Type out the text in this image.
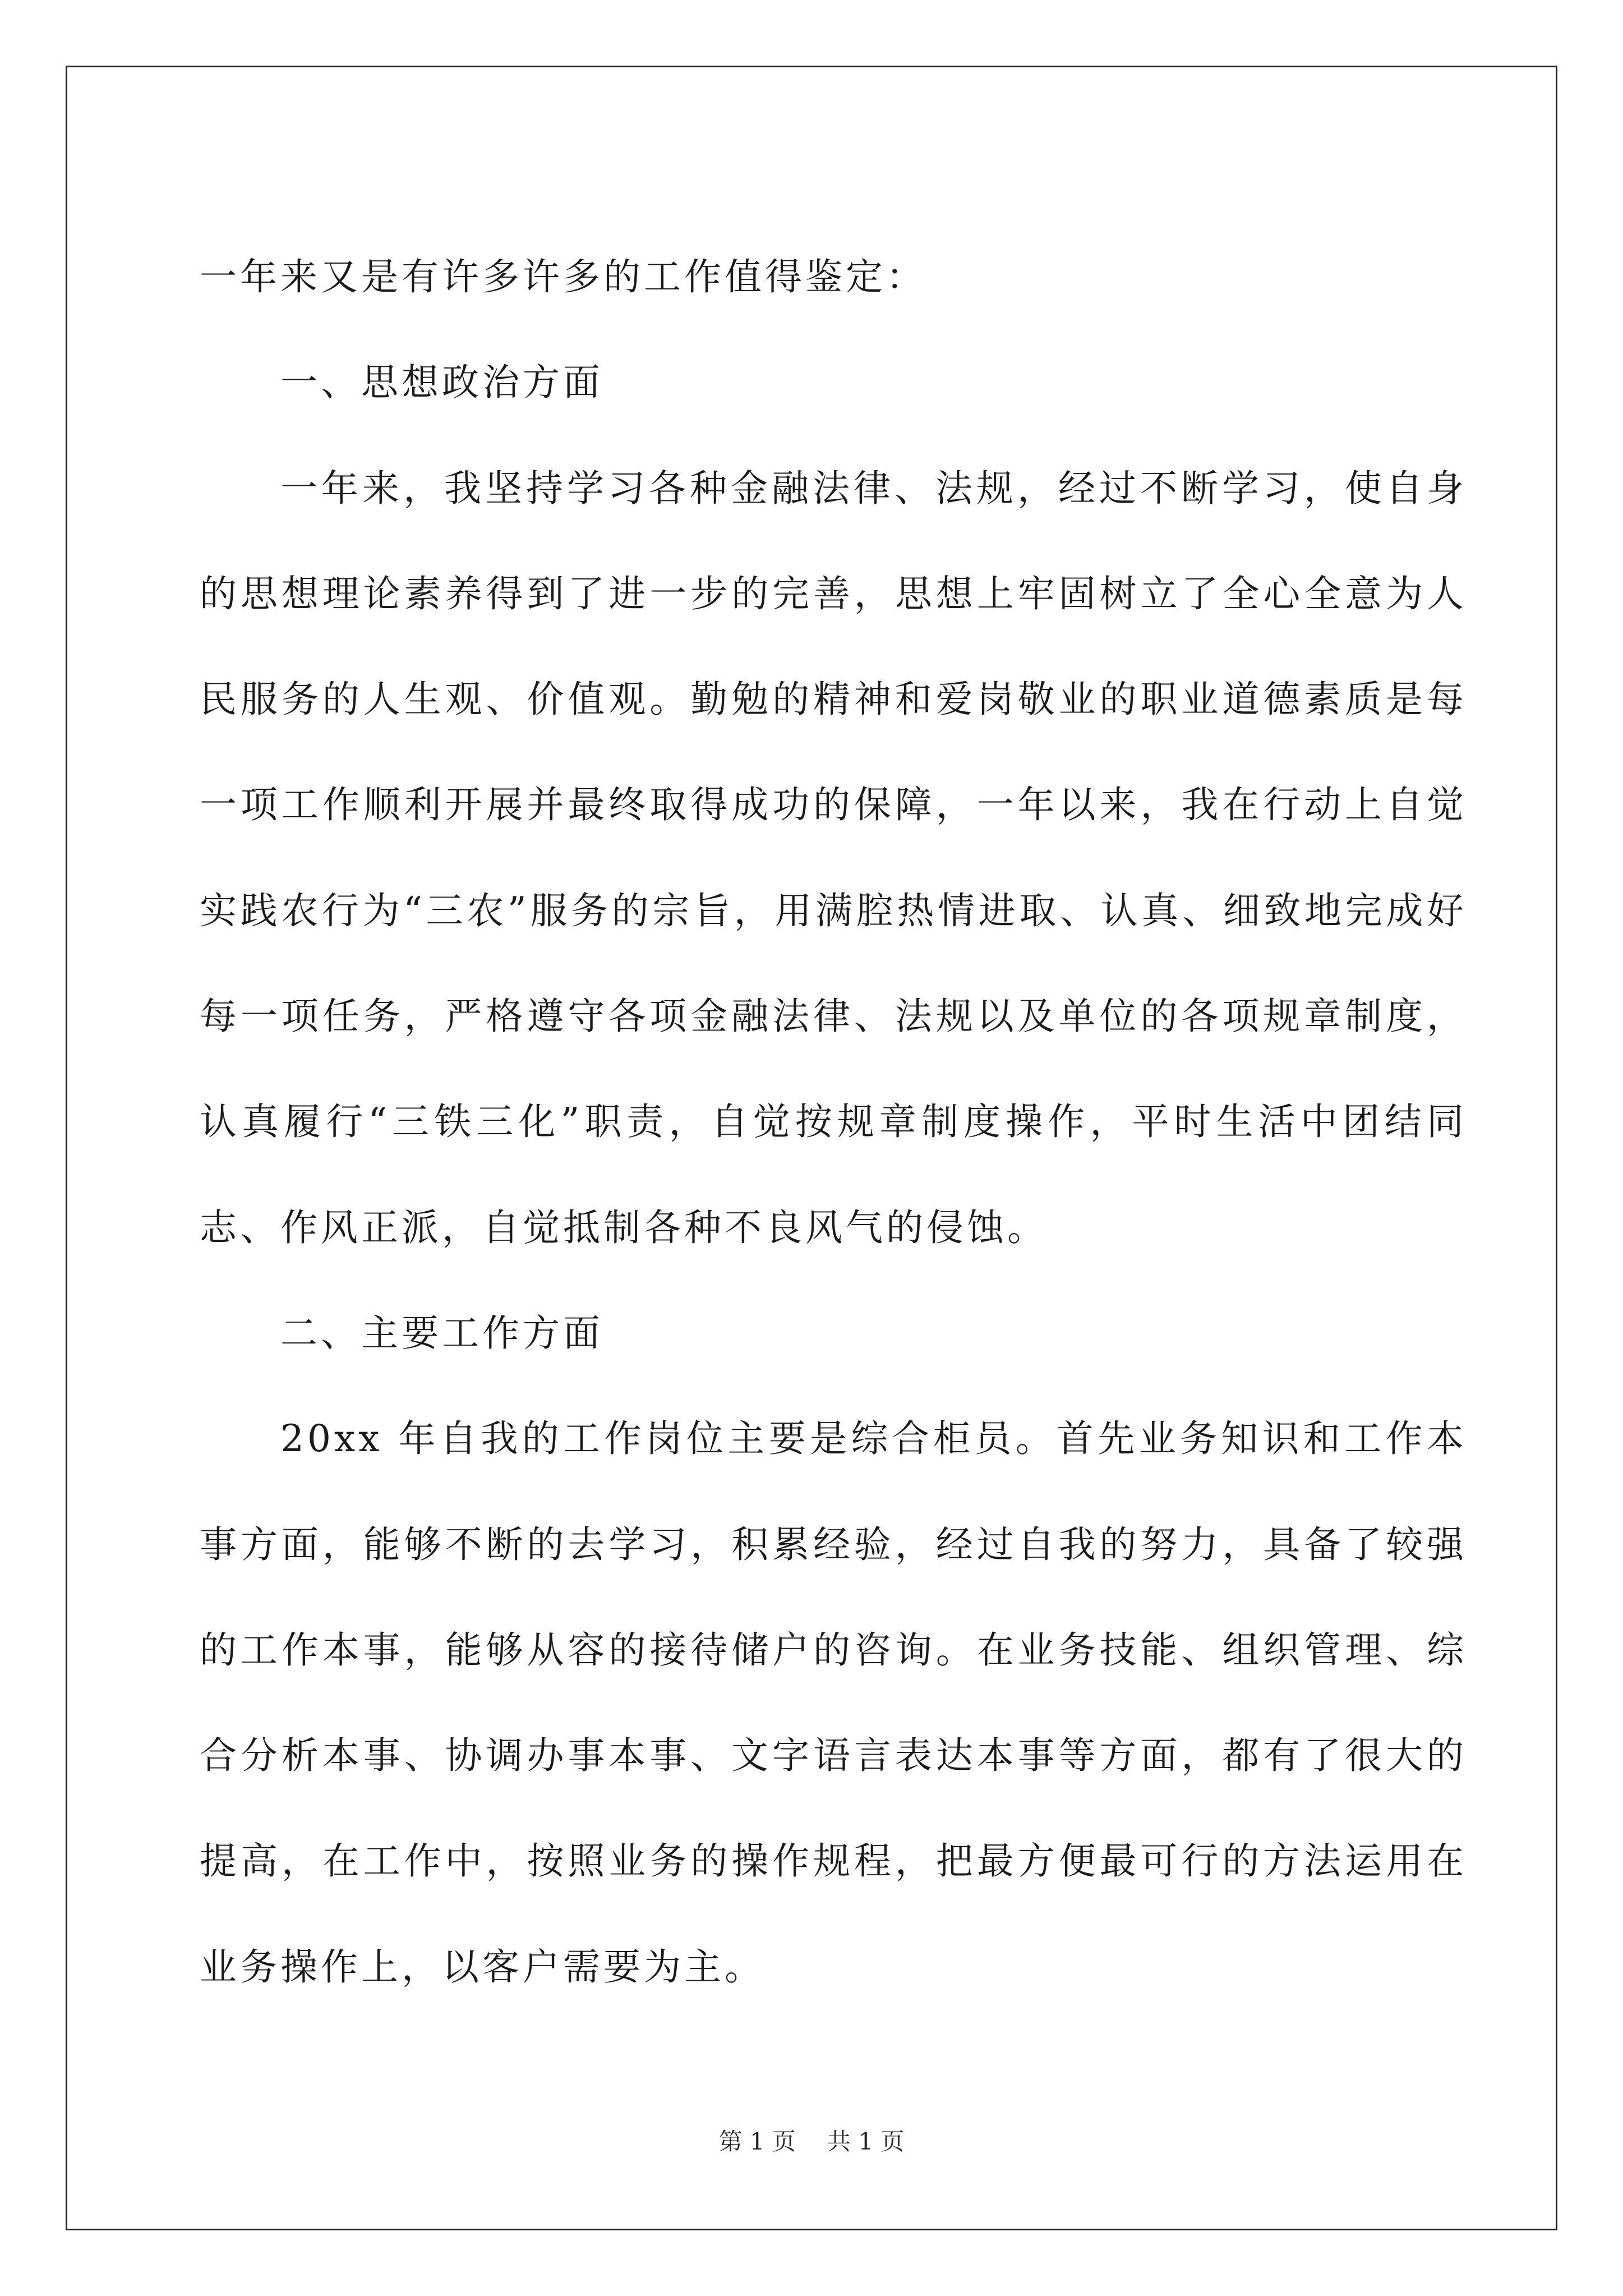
一年来又是有许多许多的工作值得鉴定：

一、思想政治方面

一年来，我坚持学习各种金融法律、法规，经过不断学习，使自身的思想理论素养得到了进一步的完善，思想上牢固树立了全心全意为人民服务的人生观、价值观。勤勉的精神和爱岗敬业的职业道德素质是每一项工作顺利开展并最终取得成功的保障，一年以来，我在行动上自觉实践农行为“三农”服务的宗旨，用满腔热情进取、认真、细致地完成好每一项任务，严格遵守各项金融法律、法规以及单位的各项规章制度，认真履行“三铁三化”职责，自觉按规章制度操作，平时生活中团结同志、作风正派，自觉抵制各种不良风气的侵蚀。

二、主要工作方面

20xx 年自我的工作岗位主要是综合柜员。首先业务知识和工作本事方面，能够不断的去学习，积累经验，经过自我的努力，具备了较强的工作本事，能够从容的接待储户的咨询。在业务技能、组织管理、综合分析本事、协调办事本事、文字语言表达本事等方面，都有了很大的提高，在工作中，按照业务的操作规程，把最方便最可行的方法运用在业务操作上，以客户需要为主。

第 1 页 共 1 页
